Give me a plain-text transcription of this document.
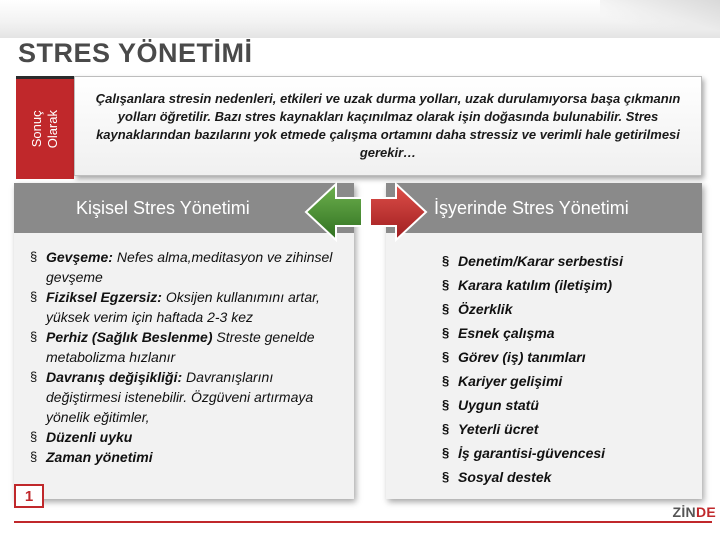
STRES YÖNETİMİ
Sonuç
Olarak

Çalışanlara stresin nedenleri, etkileri ve uzak durma yolları, uzak durulamıyorsa başa çıkmanın yolları öğretilir. Bazı stres kaynakları kaçınılmaz olarak işin doğasında bulunabilir. Stres kaynaklarından bazılarını yok etmede çalışma ortamını daha stressiz ve verimli hale getirilmesi gerekir…

Kişisel Stres Yönetimi
§ Gevşeme: Nefes alma,meditasyon ve zihinsel gevşeme
§ Fiziksel Egzersiz: Oksijen kullanımını artar, yüksek verim için haftada 2-3 kez
§ Perhiz (Sağlık Beslenme) Streste genelde metabolizma hızlanır
§ Davranış değişikliği: Davranışlarını değiştirmesi istenebilir. Özgüveni artırmaya yönelik eğitimler,
§ Düzenli uyku
§ Zaman yönetimi
İşyerinde Stres Yönetimi
§ Denetim/Karar serbestisi
§ Karara katılım (iletişim)
§ Özerklik
§ Esnek çalışma
§ Görev (iş) tanımları
§ Kariyer gelişimi
§ Uygun statü
§ Yeterli ücret
§ İş garantisi-güvencesi
§ Sosyal destek
1
ZİNDE
